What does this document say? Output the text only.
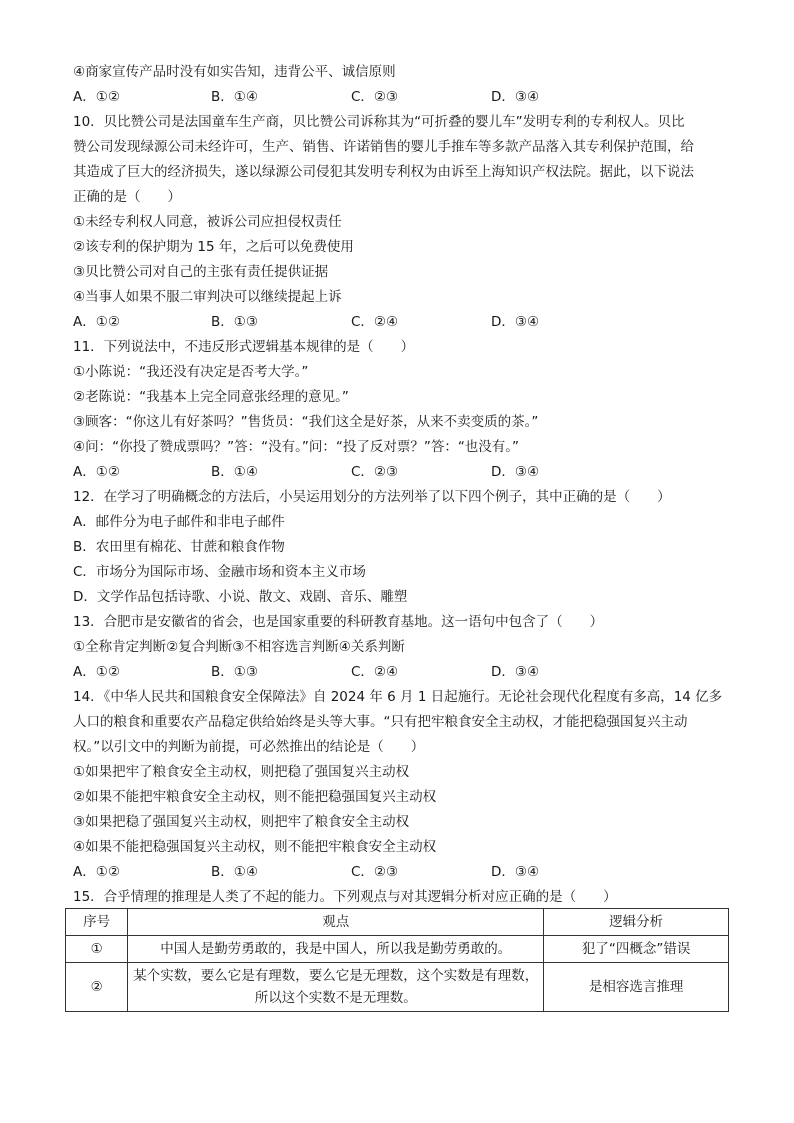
④商家宣传产品时没有如实告知，违背公平、诚信原则
A．①②	B．①④	C．②③	D．③④
10．贝比赞公司是法国童车生产商，贝比赞公司诉称其为“可折叠的婴儿车”发明专利的专利权人。贝比
赞公司发现绿源公司未经许可，生产、销售、许诺销售的婴儿手推车等多款产品落入其专利保护范围，给
其造成了巨大的经济损失，遂以绿源公司侵犯其发明专利权为由诉至上海知识产权法院。据此，以下说法
正确的是（　　）
①未经专利权人同意，被诉公司应担侵权责任
②该专利的保护期为 15 年，之后可以免费使用
③贝比赞公司对自己的主张有责任提供证据
④当事人如果不服二审判决可以继续提起上诉
A．①②	B．①③	C．②④	D．③④
11．下列说法中，不违反形式逻辑基本规律的是（　　）
①小陈说：“我还没有决定是否考大学。”
②老陈说：“我基本上完全同意张经理的意见。”
③顾客：“你这儿有好茶吗？”售货员：“我们这全是好茶，从来不卖变质的茶。”
④问：“你投了赞成票吗？”答：“没有。”问：“投了反对票？”答：“也没有。”
A．①②	B．①④	C．②③	D．③④
12．在学习了明确概念的方法后，小吴运用划分的方法列举了以下四个例子，其中正确的是（　　）
A．邮件分为电子邮件和非电子邮件
B．农田里有棉花、甘蔗和粮食作物
C．市场分为国际市场、金融市场和资本主义市场
D．文学作品包括诗歌、小说、散文、戏剧、音乐、雕塑
13．合肥市是安徽省的省会，也是国家重要的科研教育基地。这一语句中包含了（　　）
①全称肯定判断②复合判断③不相容选言判断④关系判断
A．①②	B．①③	C．②④	D．③④
14．《中华人民共和国粮食安全保障法》自 2024 年 6 月 1 日起施行。无论社会现代化程度有多高，14 亿多
人口的粮食和重要农产品稳定供给始终是头等大事。“只有把牢粮食安全主动权，才能把稳强国复兴主动
权。”以引文中的判断为前提，可必然推出的结论是（　　）
①如果把牢了粮食安全主动权，则把稳了强国复兴主动权
②如果不能把牢粮食安全主动权，则不能把稳强国复兴主动权
③如果把稳了强国复兴主动权，则把牢了粮食安全主动权
④如果不能把稳强国复兴主动权，则不能把牢粮食安全主动权
A．①②	B．①④	C．②③	D．③④
15．合乎情理的推理是人类了不起的能力。下列观点与对其逻辑分析对应正确的是（　　）
序号	观点	逻辑分析
①	中国人是勤劳勇敢的，我是中国人，所以我是勤劳勇敢的。	犯了“四概念”错误
②	某个实数，要么它是有理数，要么它是无理数，这个实数是有理数，
所以这个实数不是无理数。	是相容选言推理
